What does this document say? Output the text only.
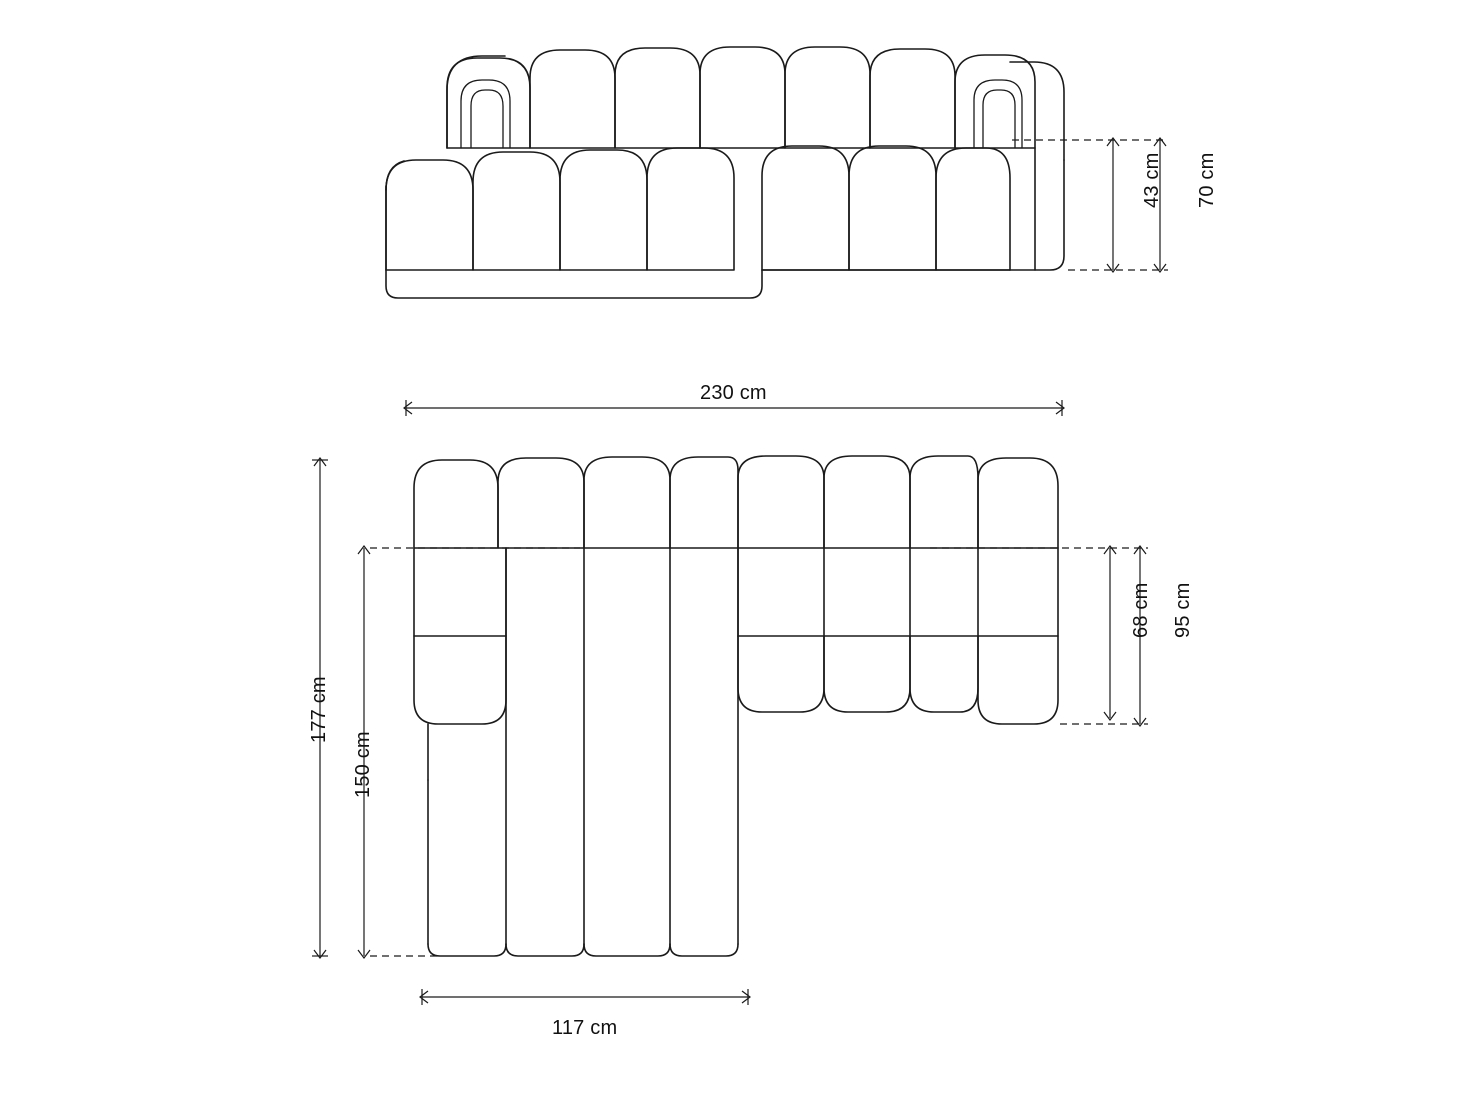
70 cm
43 cm
230 cm
177 cm
150 cm
95 cm
68 cm
117 cm
